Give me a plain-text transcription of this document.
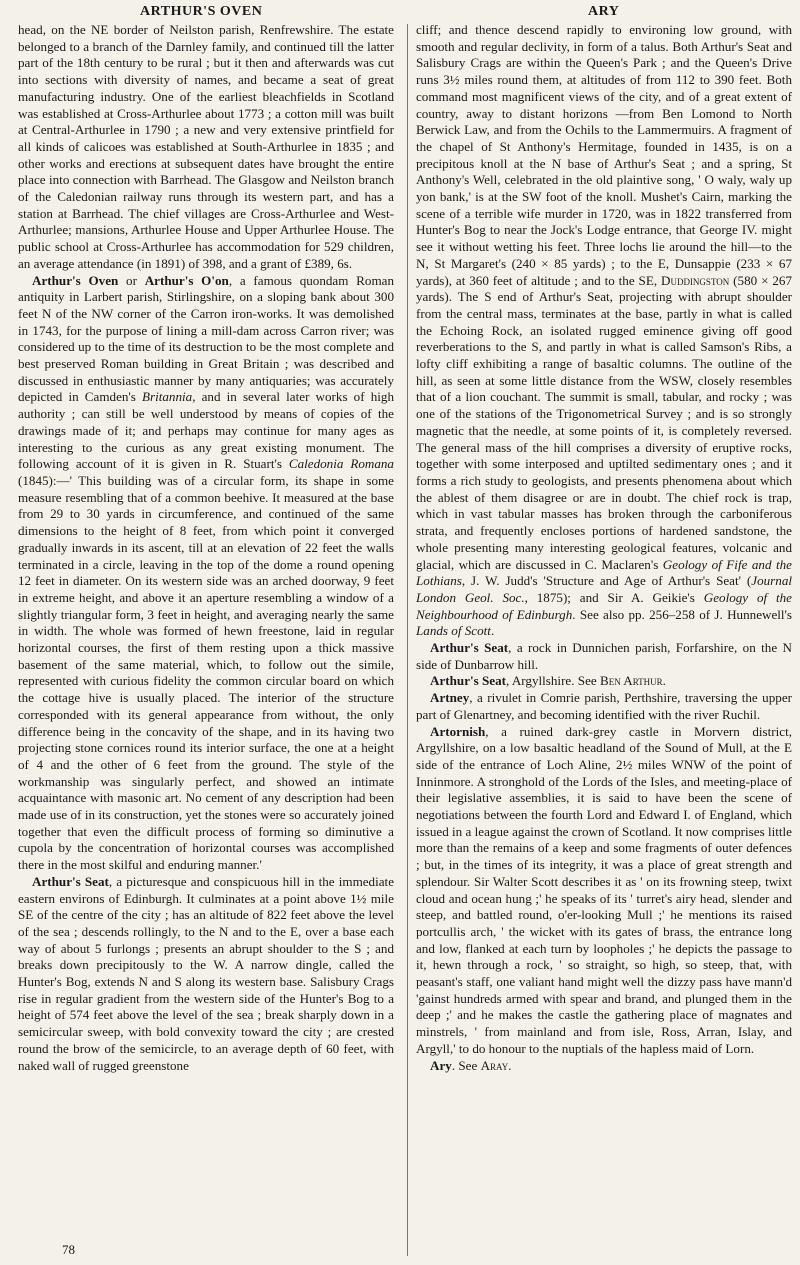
ARTHUR'S OVEN	ARY

head, on the NE border of Neilston parish, Renfrewshire. The estate belonged to a branch of the Darnley family, and continued till the latter part of the 18th century to be rural ; but it then and afterwards was cut into sections with diversity of names, and became a seat of great manufacturing industry. One of the earliest bleachfields in Scotland was established at Cross-Arthurlee about 1773 ; a cotton mill was built at Central-Arthurlee in 1790 ; a new and very extensive printfield for all kinds of calicoes was established at South-Arthurlee in 1835 ; and other works and erections at subsequent dates have brought the entire place into connection with Barrhead. The Glasgow and Neilston branch of the Caledonian railway runs through its western part, and has a station at Barrhead. The chief villages are Cross-Arthurlee and West-Arthurlee; mansions, Arthurlee House and Upper Arthurlee House. The public school at Cross-Arthurlee has accommodation for 529 children, an average attendance (in 1891) of 398, and a grant of £389, 6s.

Arthur's Oven or Arthur's O'on, a famous quondam Roman antiquity in Larbert parish, Stirlingshire, on a sloping bank about 300 feet N of the NW corner of the Carron iron-works. It was demolished in 1743, for the purpose of lining a mill-dam across Carron river; was considered up to the time of its destruction to be the most complete and best preserved Roman building in Great Britain ; was described and discussed in enthusiastic manner by many antiquaries; was accurately depicted in Camden's Britannia, and in several later works of high authority ; can still be well understood by means of copies of the drawings made of it; and perhaps may continue for many ages as interesting to the curious as any great existing monument. The following account of it is given in R. Stuart's Caledonia Romana (1845):—' This building was of a circular form, its shape in some measure resembling that of a common beehive. It measured at the base from 29 to 30 yards in circumference, and continued of the same dimensions to the height of 8 feet, from which point it converged gradually inwards in its ascent, till at an elevation of 22 feet the walls terminated in a circle, leaving in the top of the dome a round opening 12 feet in diameter. On its western side was an arched doorway, 9 feet in extreme height, and above it an aperture resembling a window of a slightly triangular form, 3 feet in height, and averaging nearly the same in width. The whole was formed of hewn freestone, laid in regular horizontal courses, the first of them resting upon a thick massive basement of the same material, which, to follow out the simile, represented with curious fidelity the common circular board on which the cottage hive is usually placed. The interior of the structure corresponded with its general appearance from without, the only difference being in the concavity of the shape, and in its having two projecting stone cornices round its interior surface, the one at a height of 4 and the other of 6 feet from the ground. The style of the workmanship was singularly perfect, and showed an intimate acquaintance with masonic art. No cement of any description had been made use of in its construction, yet the stones were so accurately joined together that even the difficult process of forming so diminutive a cupola by the concentration of horizontal courses was accomplished there in the most skilful and enduring manner.'

Arthur's Seat, a picturesque and conspicuous hill in the immediate eastern environs of Edinburgh. It culminates at a point above 1½ mile SE of the centre of the city ; has an altitude of 822 feet above the level of the sea ; descends rollingly, to the N and to the E, over a base each way of about 5 furlongs ; presents an abrupt shoulder to the S ; and breaks down precipitously to the W. A narrow dingle, called the Hunter's Bog, extends N and S along its western base. Salisbury Crags rise in regular gradient from the western side of the Hunter's Bog to a height of 574 feet above the level of the sea ; break sharply down in a semicircular sweep, with bold convexity toward the city ; are crested round the brow of the semicircle, to an average depth of 60 feet, with naked wall of rugged greenstone

cliff; and thence descend rapidly to environing low ground, with smooth and regular declivity, in form of a talus. Both Arthur's Seat and Salisbury Crags are within the Queen's Park ; and the Queen's Drive runs 3½ miles round them, at altitudes of from 112 to 390 feet. Both command most magnificent views of the city, and of a great extent of country, away to distant horizons —from Ben Lomond to North Berwick Law, and from the Ochils to the Lammermuirs. A fragment of the chapel of St Anthony's Hermitage, founded in 1435, is on a precipitous knoll at the N base of Arthur's Seat ; and a spring, St Anthony's Well, celebrated in the old plaintive song, ' O waly, waly up yon bank,' is at the SW foot of the knoll. Mushet's Cairn, marking the scene of a terrible wife murder in 1720, was in 1822 transferred from Hunter's Bog to near the Jock's Lodge entrance, that George IV. might see it without wetting his feet. Three lochs lie around the hill—to the N, St Margaret's (240 × 85 yards) ; to the E, Dunsappie (233 × 67 yards), at 360 feet of altitude ; and to the SE, Duddingston (580 × 267 yards). The S end of Arthur's Seat, projecting with abrupt shoulder from the central mass, terminates at the base, partly in what is called the Echoing Rock, an isolated rugged eminence giving off good reverberations to the S, and partly in what is called Samson's Ribs, a lofty cliff exhibiting a range of basaltic columns. The outline of the hill, as seen at some little distance from the WSW, closely resembles that of a lion couchant. The summit is small, tabular, and rocky ; was one of the stations of the Trigonometrical Survey ; and is so strongly magnetic that the needle, at some points of it, is completely reversed. The general mass of the hill comprises a diversity of eruptive rocks, together with some interposed and uptilted sedimentary ones ; and it forms a rich study to geologists, and presents phenomena about which the ablest of them disagree or are in doubt. The chief rock is trap, which in vast tabular masses has broken through the carboniferous strata, and frequently encloses portions of hardened sandstone, the whole presenting many interesting geological features, volcanic and glacial, which are discussed in C. Maclaren's Geology of Fife and the Lothians, J. W. Judd's 'Structure and Age of Arthur's Seat' (Journal London Geol. Soc., 1875); and Sir A. Geikie's Geology of the Neighbourhood of Edinburgh. See also pp. 256–258 of J. Hunnewell's Lands of Scott.

Arthur's Seat, a rock in Dunnichen parish, Forfarshire, on the N side of Dunbarrow hill.

Arthur's Seat, Argyllshire. See Ben Arthur.

Artney, a rivulet in Comrie parish, Perthshire, traversing the upper part of Glenartney, and becoming identified with the river Ruchil.

Artornish, a ruined dark-grey castle in Morvern district, Argyllshire, on a low basaltic headland of the Sound of Mull, at the E side of the entrance of Loch Aline, 2½ miles WNW of the point of Inninmore. A stronghold of the Lords of the Isles, and meeting-place of their legislative assemblies, it is said to have been the scene of negotiations between the fourth Lord and Edward I. of England, which issued in a league against the crown of Scotland. It now comprises little more than the remains of a keep and some fragments of outer defences ; but, in the times of its integrity, it was a place of great strength and splendour. Sir Walter Scott describes it as ' on its frowning steep, twixt cloud and ocean hung ;' he speaks of its ' turret's airy head, slender and steep, and battled round, o'er-looking Mull ;' he mentions its raised portcullis arch, ' the wicket with its gates of brass, the entrance long and low, flanked at each turn by loopholes ;' he depicts the passage to it, hewn through a rock, ' so straight, so high, so steep, that, with peasant's staff, one valiant hand might well the dizzy pass have mann'd 'gainst hundreds armed with spear and brand, and plunged them in the deep ;' and he makes the castle the gathering place of magnates and minstrels, ' from mainland and from isle, Ross, Arran, Islay, and Argyll,' to do honour to the nuptials of the hapless maid of Lorn.

Ary. See Aray.

78
